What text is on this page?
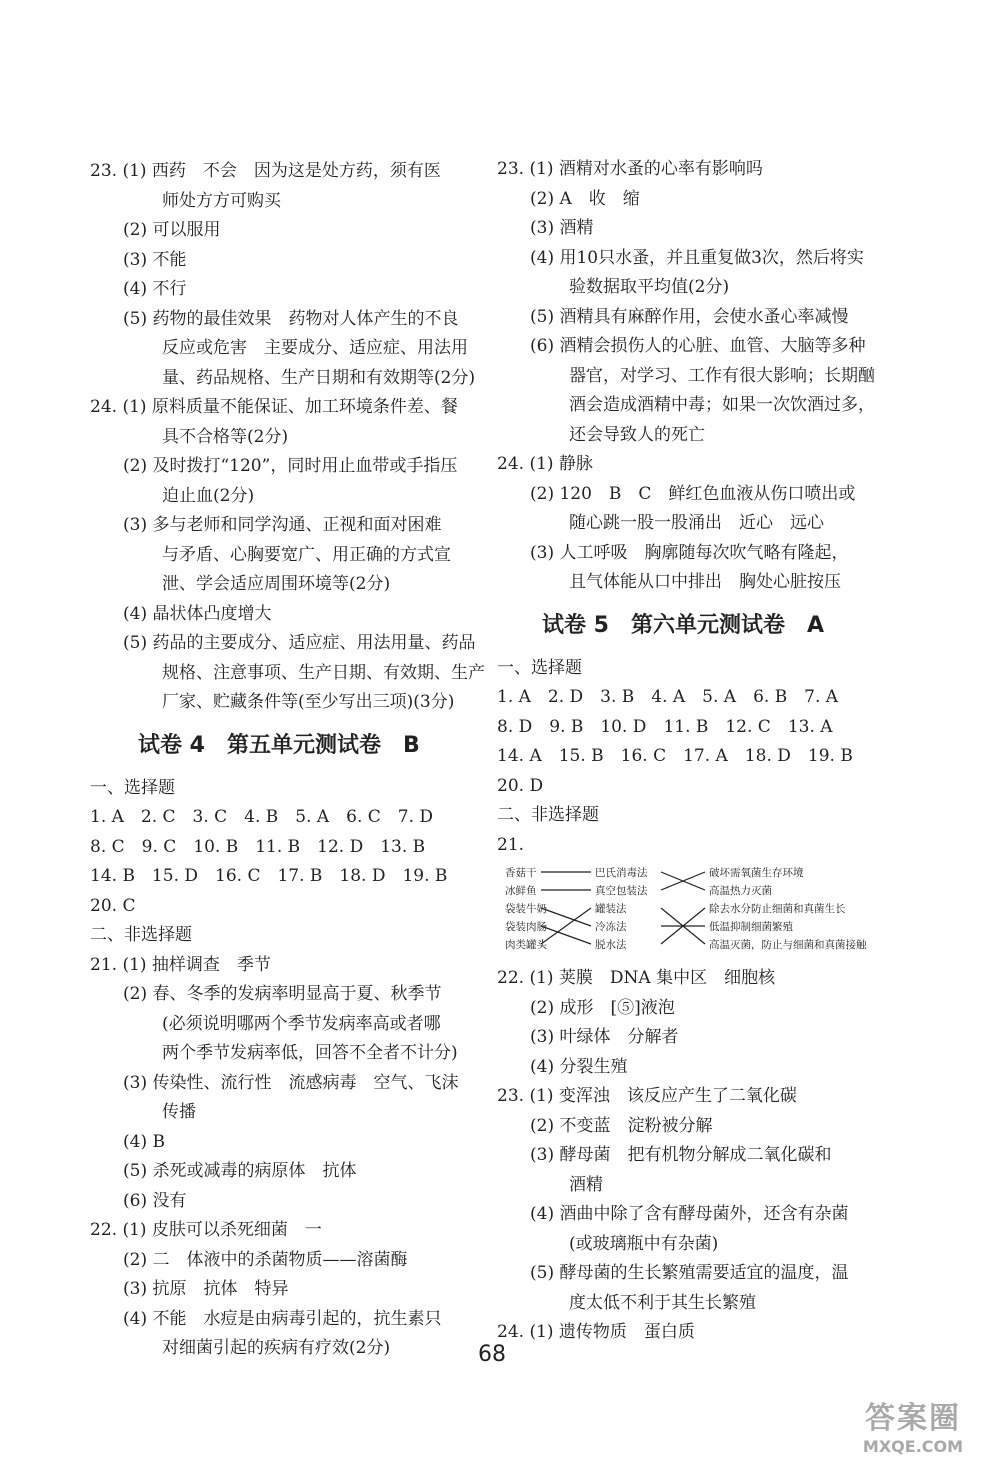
23. (1) 西药　不会　因为这是处方药，须有医
师处方方可购买
(2) 可以服用
(3) 不能
(4) 不行
(5) 药物的最佳效果　药物对人体产生的不良
反应或危害　主要成分、适应症、用法用
量、药品规格、生产日期和有效期等(2分)
24. (1) 原料质量不能保证、加工环境条件差、餐
具不合格等(2分)
(2) 及时拨打“120”，同时用止血带或手指压
迫止血(2分)
(3) 多与老师和同学沟通、正视和面对困难
与矛盾、心胸要宽广、用正确的方式宣
泄、学会适应周围环境等(2分)
(4) 晶状体凸度增大
(5) 药品的主要成分、适应症、用法用量、药品
规格、注意事项、生产日期、有效期、生产
厂家、贮藏条件等(至少写出三项)(3分)
试卷 4　第五单元测试卷　B
一、选择题
1. A　2. C　3. C　4. B　5. A　6. C　7. D
8. C　9. C　10. B　11. B　12. D　13. B
14. B　15. D　16. C　17. B　18. D　19. B
20. C
二、非选择题
21. (1) 抽样调查　季节
(2) 春、冬季的发病率明显高于夏、秋季节
(必须说明哪两个季节发病率高或者哪
两个季节发病率低，回答不全者不计分)
(3) 传染性、流行性　流感病毒　空气、飞沫
传播
(4) B
(5) 杀死或减毒的病原体　抗体
(6) 没有
22. (1) 皮肤可以杀死细菌　一
(2) 二　体液中的杀菌物质——溶菌酶
(3) 抗原　抗体　特异
(4) 不能　水痘是由病毒引起的，抗生素只
对细菌引起的疾病有疗效(2分)
23. (1) 酒精对水蚤的心率有影响吗
(2) A　收　缩
(3) 酒精
(4) 用10只水蚤，并且重复做3次，然后将实
验数据取平均值(2分)
(5) 酒精具有麻醉作用，会使水蚤心率减慢
(6) 酒精会损伤人的心脏、血管、大脑等多种
器官，对学习、工作有很大影响；长期酗
酒会造成酒精中毒；如果一次饮酒过多，
还会导致人的死亡
24. (1) 静脉
(2) 120　B　C　鲜红色血液从伤口喷出或
随心跳一股一股涌出　近心　远心
(3) 人工呼吸　胸廓随每次吹气略有隆起，
且气体能从口中排出　胸处心脏按压
试卷 5　第六单元测试卷　A
一、选择题
1. A　2. D　3. B　4. A　5. A　6. B　7. A
8. D　9. B　10. D　11. B　12. C　13. A
14. A　15. B　16. C　17. A　18. D　19. B
20. D
二、非选择题
21.
香菇干
冰鲜鱼
袋装牛奶
袋装肉肠
肉类罐头
巴氏消毒法
真空包装法
罐装法
冷冻法
脱水法
破坏需氧菌生存环境
高温热力灭菌
除去水分防止细菌和真菌生长
低温抑制细菌繁殖
高温灭菌，防止与细菌和真菌接触
22. (1) 荚膜　DNA 集中区　细胞核
(2) 成形　[⑤]液泡
(3) 叶绿体　分解者
(4) 分裂生殖
23. (1) 变浑浊　该反应产生了二氧化碳
(2) 不变蓝　淀粉被分解
(3) 酵母菌　把有机物分解成二氧化碳和
酒精
(4) 酒曲中除了含有酵母菌外，还含有杂菌
(或玻璃瓶中有杂菌)
(5) 酵母菌的生长繁殖需要适宜的温度，温
度太低不利于其生长繁殖
24. (1) 遗传物质　蛋白质
68
答案圈
MXQE.COM
